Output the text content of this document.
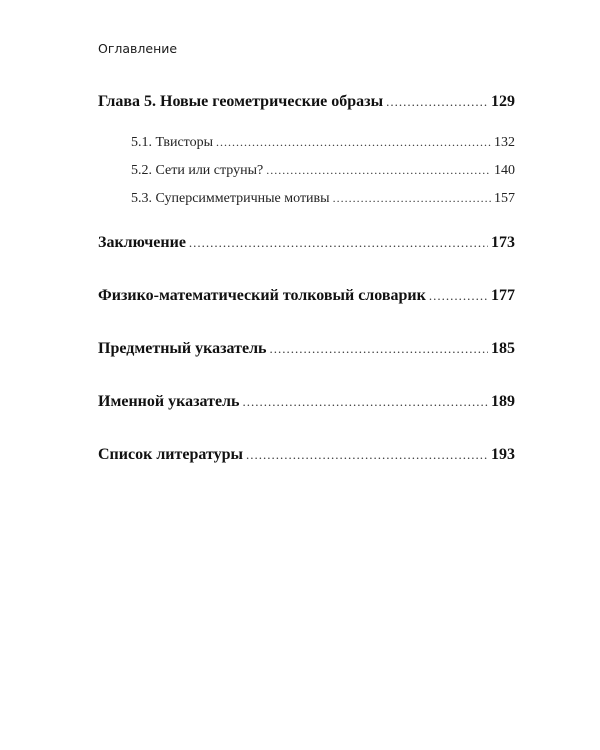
Оглавление
Глава 5. Новые геометрические образы .....	129
5.1. Твисторы .....	132
5.2. Сети или струны? .....	140
5.3. Суперсимметричные мотивы .....	157
Заключение .....	173
Физико-математический толковый словарик .....	177
Предметный указатель .....	185
Именной указатель .....	189
Список литературы .....	193
